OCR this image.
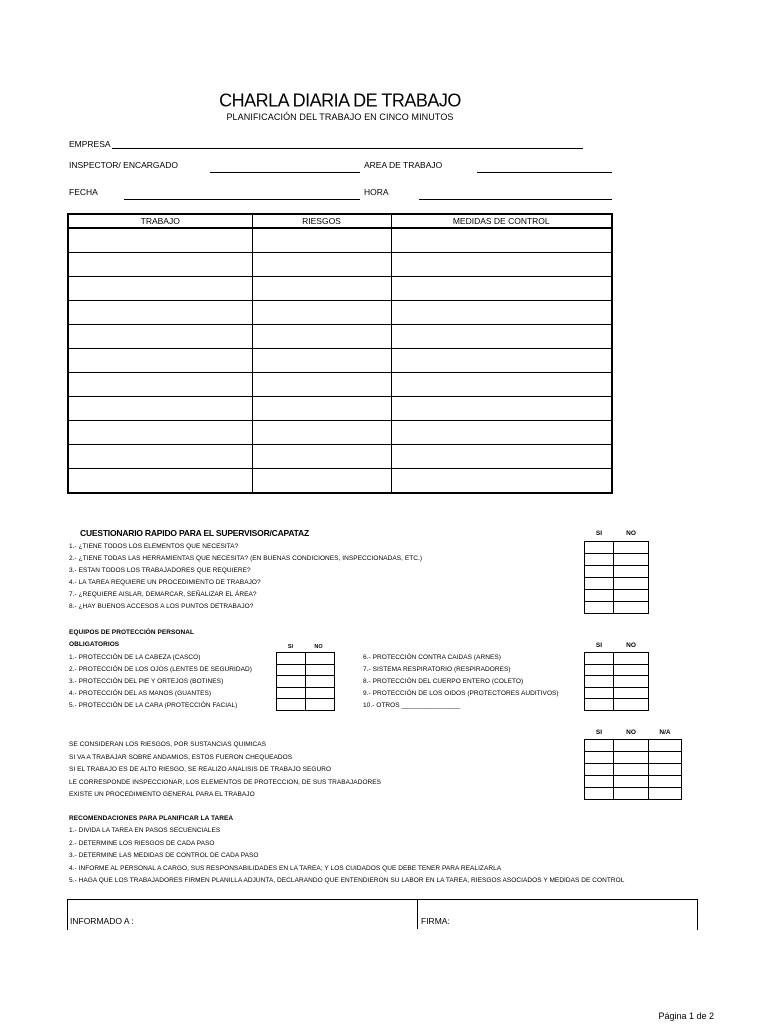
CHARLA DIARIA DE TRABAJO
PLANIFICACIÓN DEL TRABAJO EN CINCO MINUTOS
EMPRESA
INSPECTOR/ ENCARGADO	AREA DE TRABAJO
FECHA	HORA
TRABAJO	RIESGOS	MEDIDAS DE CONTROL

CUESTIONARIO RAPIDO PARA EL SUPERVISOR/CAPATAZ	SI	NO
1.- ¿TIENE TODOS LOS ELEMENTOS QUE NECESITA?
2.- ¿TIENE TODAS LAS HERRAMIENTAS QUE NECESITA? (EN BUENAS CONDICIONES, INSPECCIONADAS, ETC.)
3.- ESTAN TODOS LOS TRABAJADORES QUE REQUIERE?
4.- LA TAREA REQUIERE UN PROCEDIMIENTO DE TRABAJO?
7.- ¿REQUIERE AISLAR, DEMARCAR, SEÑALIZAR EL ÁREA?
8.- ¿HAY BUENOS ACCESOS A LOS PUNTOS DETRABAJO?

EQUIPOS DE PROTECCIÓN PERSONAL
OBLIGATORIOS	SI	NO	SI	NO
1.- PROTECCIÓN DE LA CABEZA (CASCO)
2.- PROTECCIÓN DE LOS OJOS (LENTES DE SEGURIDAD)
3.- PROTECCIÓN DEL PIE Y ORTEJOS (BOTINES)
4.- PROTECCIÓN DEL AS MANOS (GUANTES)
5.- PROTECCIÓN DE LA CARA (PROTECCIÓN FACIAL)
6.- PROTECCIÓN CONTRA CAIDAS (ARNES)
7.- SISTEMA RESPIRATORIO (RESPIRADORES)
8.- PROTECCIÓN DEL CUERPO ENTERO (COLETO)
9.- PROTECCIÓN DE LOS OIDOS (PROTECTORES AUDITIVOS)
10.- OTROS ________________

SI	NO	N/A
SE CONSIDERAN LOS RIESGOS, POR SUSTANCIAS QUIMICAS
SI VA A TRABAJAR SOBRE ANDAMIOS, ESTOS FUERON CHEQUEADOS
SI EL TRABAJO ES DE ALTO RIESGO, SE REALIZO ANALISIS DE TRABAJO SEGURO
LE CORRESPONDE INSPECCIONAR, LOS ELEMENTOS DE PROTECCION, DE SUS TRABAJADORES
EXISTE UN PROCEDIMIENTO GENERAL PARA EL TRABAJO

RECOMENDACIONES PARA PLANIFICAR LA TAREA
1.- DIVIDA LA TAREA EN PASOS SECUENCIALES
2.- DETERMINE LOS RIESGOS DE CADA PASO
3.- DETERMINE LAS MEDIDAS DE CONTROL DE CADA PASO
4.- INFORME AL PERSONAL A CARGO, SUS RESPONSABILIDADES EN LA TAREA; Y LOS CUIDADOS QUE DEBE TENER PARA REALIZARLA
5.- HAGA QUE LOS TRABAJADORES FIRMEN PLANILLA ADJUNTA, DECLARANDO QUE ENTENDIERON SU LABOR EN LA TAREA, RIESGOS ASOCIADOS Y MEDIDAS DE CONTROL
INFORMADO A :	FIRMA:
Página 1 de 2
